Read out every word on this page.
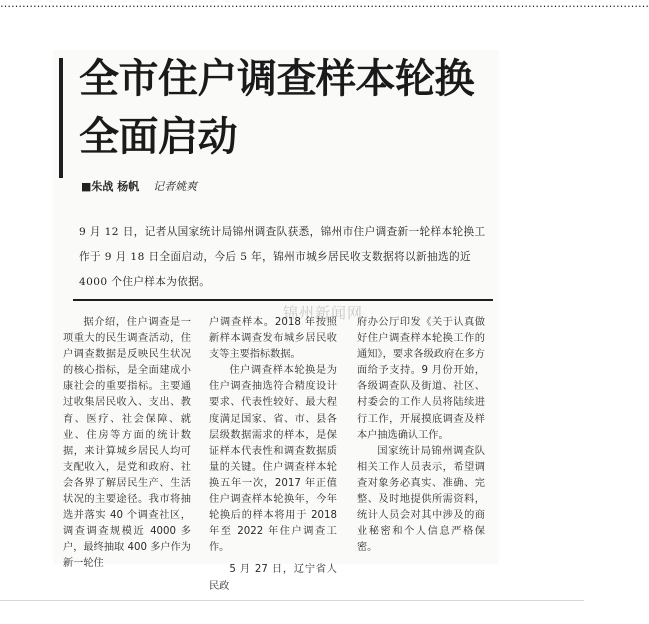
……………………………………………………………………………………………………………………………………………………………
全市住户调查样本轮换
全面启动
■朱战 杨帆 记者姚爽
9 月 12 日，记者从国家统计局锦州调查队获悉，锦州市住户调查新一轮样本轮换工作于 9 月 18 日全面启动，今后 5 年，锦州市城乡居民收支数据将以新抽选的近 4000 个住户样本为依据。
锦州新闻网

据介绍，住户调查是一项重大的民生调查活动，住户调查数据是反映民生状况的核心指标，是全面建成小康社会的重要指标。主要通过收集居民收入、支出、教育、医疗、社会保障、就业、住房等方面的统计数据，来计算城乡居民人均可支配收入，是党和政府、社会各界了解居民生产、生活状况的主要途径。我市将抽选并落实 40 个调查社区，调查调查规模近 4000 多户，最终抽取 400 多户作为新一轮住

户调查样本。2018 年按照新样本调查发布城乡居民收支等主要指标数据。

住户调查样本轮换是为住户调查抽选符合精度设计要求、代表性较好、最大程度满足国家、省、市、县各层级数据需求的样本，是保证样本代表性和调查数据质量的关键。住户调查样本轮换五年一次，2017 年正值住户调查样本轮换年，今年轮换后的样本将用于 2018 年至 2022 年住户调查工作。

5 月 27 日，辽宁省人民政

府办公厅印发《关于认真做好住户调查样本轮换工作的通知》，要求各级政府在多方面给予支持。9 月份开始，各级调查队及街道、社区、村委会的工作人员将陆续进行工作，开展摸底调查及样本户抽选确认工作。

国家统计局锦州调查队相关工作人员表示，希望调查对象务必真实、准确、完整、及时地提供所需资料，统计人员会对其中涉及的商业秘密和个人信息严格保密。
